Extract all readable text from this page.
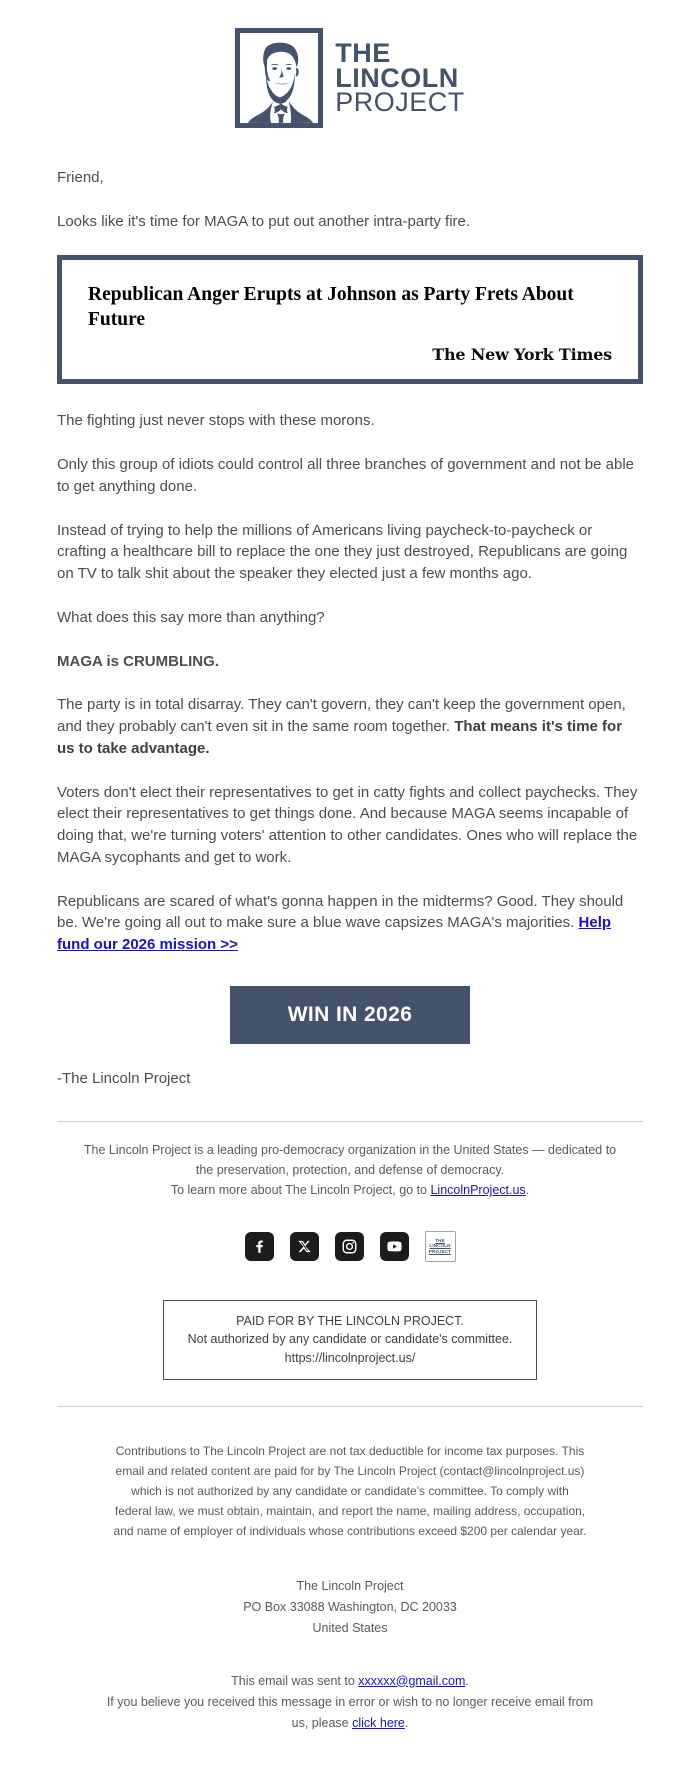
THE
LINCOLN
PROJECT

Friend,

Looks like it's time for MAGA to put out another intra-party fire.

Republican Anger Erupts at Johnson as Party Frets About Future
The New York Times

The fighting just never stops with these morons.

Only this group of idiots could control all three branches of government and not be able to get anything done.

Instead of trying to help the millions of Americans living paycheck-to-paycheck or crafting a healthcare bill to replace the one they just destroyed, Republicans are going on TV to talk shit about the speaker they elected just a few months ago.

What does this say more than anything?

MAGA is CRUMBLING.

The party is in total disarray. They can't govern, they can't keep the government open, and they probably can't even sit in the same room together. That means it's time for us to take advantage.

Voters don't elect their representatives to get in catty fights and collect paychecks. They elect their representatives to get things done. And because MAGA seems incapable of doing that, we're turning voters' attention to other candidates. Ones who will replace the MAGA sycophants and get to work.

Republicans are scared of what's gonna happen in the midterms? Good. They should be. We're going all out to make sure a blue wave capsizes MAGA's majorities. Help fund our 2026 mission >>

WIN IN 2026

-The Lincoln Project

The Lincoln Project is a leading pro-democracy organization in the United States — dedicated to
the preservation, protection, and defense of democracy.
To learn more about The Lincoln Project, go to LincolnProject.us.
THE
LINCOLN
PROJECT
PAID FOR BY THE LINCOLN PROJECT.
Not authorized by any candidate or candidate's committee.
https://lincolnproject.us/
Contributions to The Lincoln Project are not tax deductible for income tax purposes. This email and related content are paid for by The Lincoln Project (contact@lincolnproject.us) which is not authorized by any candidate or candidate's committee. To comply with federal law, we must obtain, maintain, and report the name, mailing address, occupation, and name of employer of individuals whose contributions exceed $200 per calendar year.
The Lincoln Project
PO Box 33088 Washington, DC 20033
United States
This email was sent to xxxxxx@gmail.com.
If you believe you received this message in error or wish to no longer receive email from us, please click here.
